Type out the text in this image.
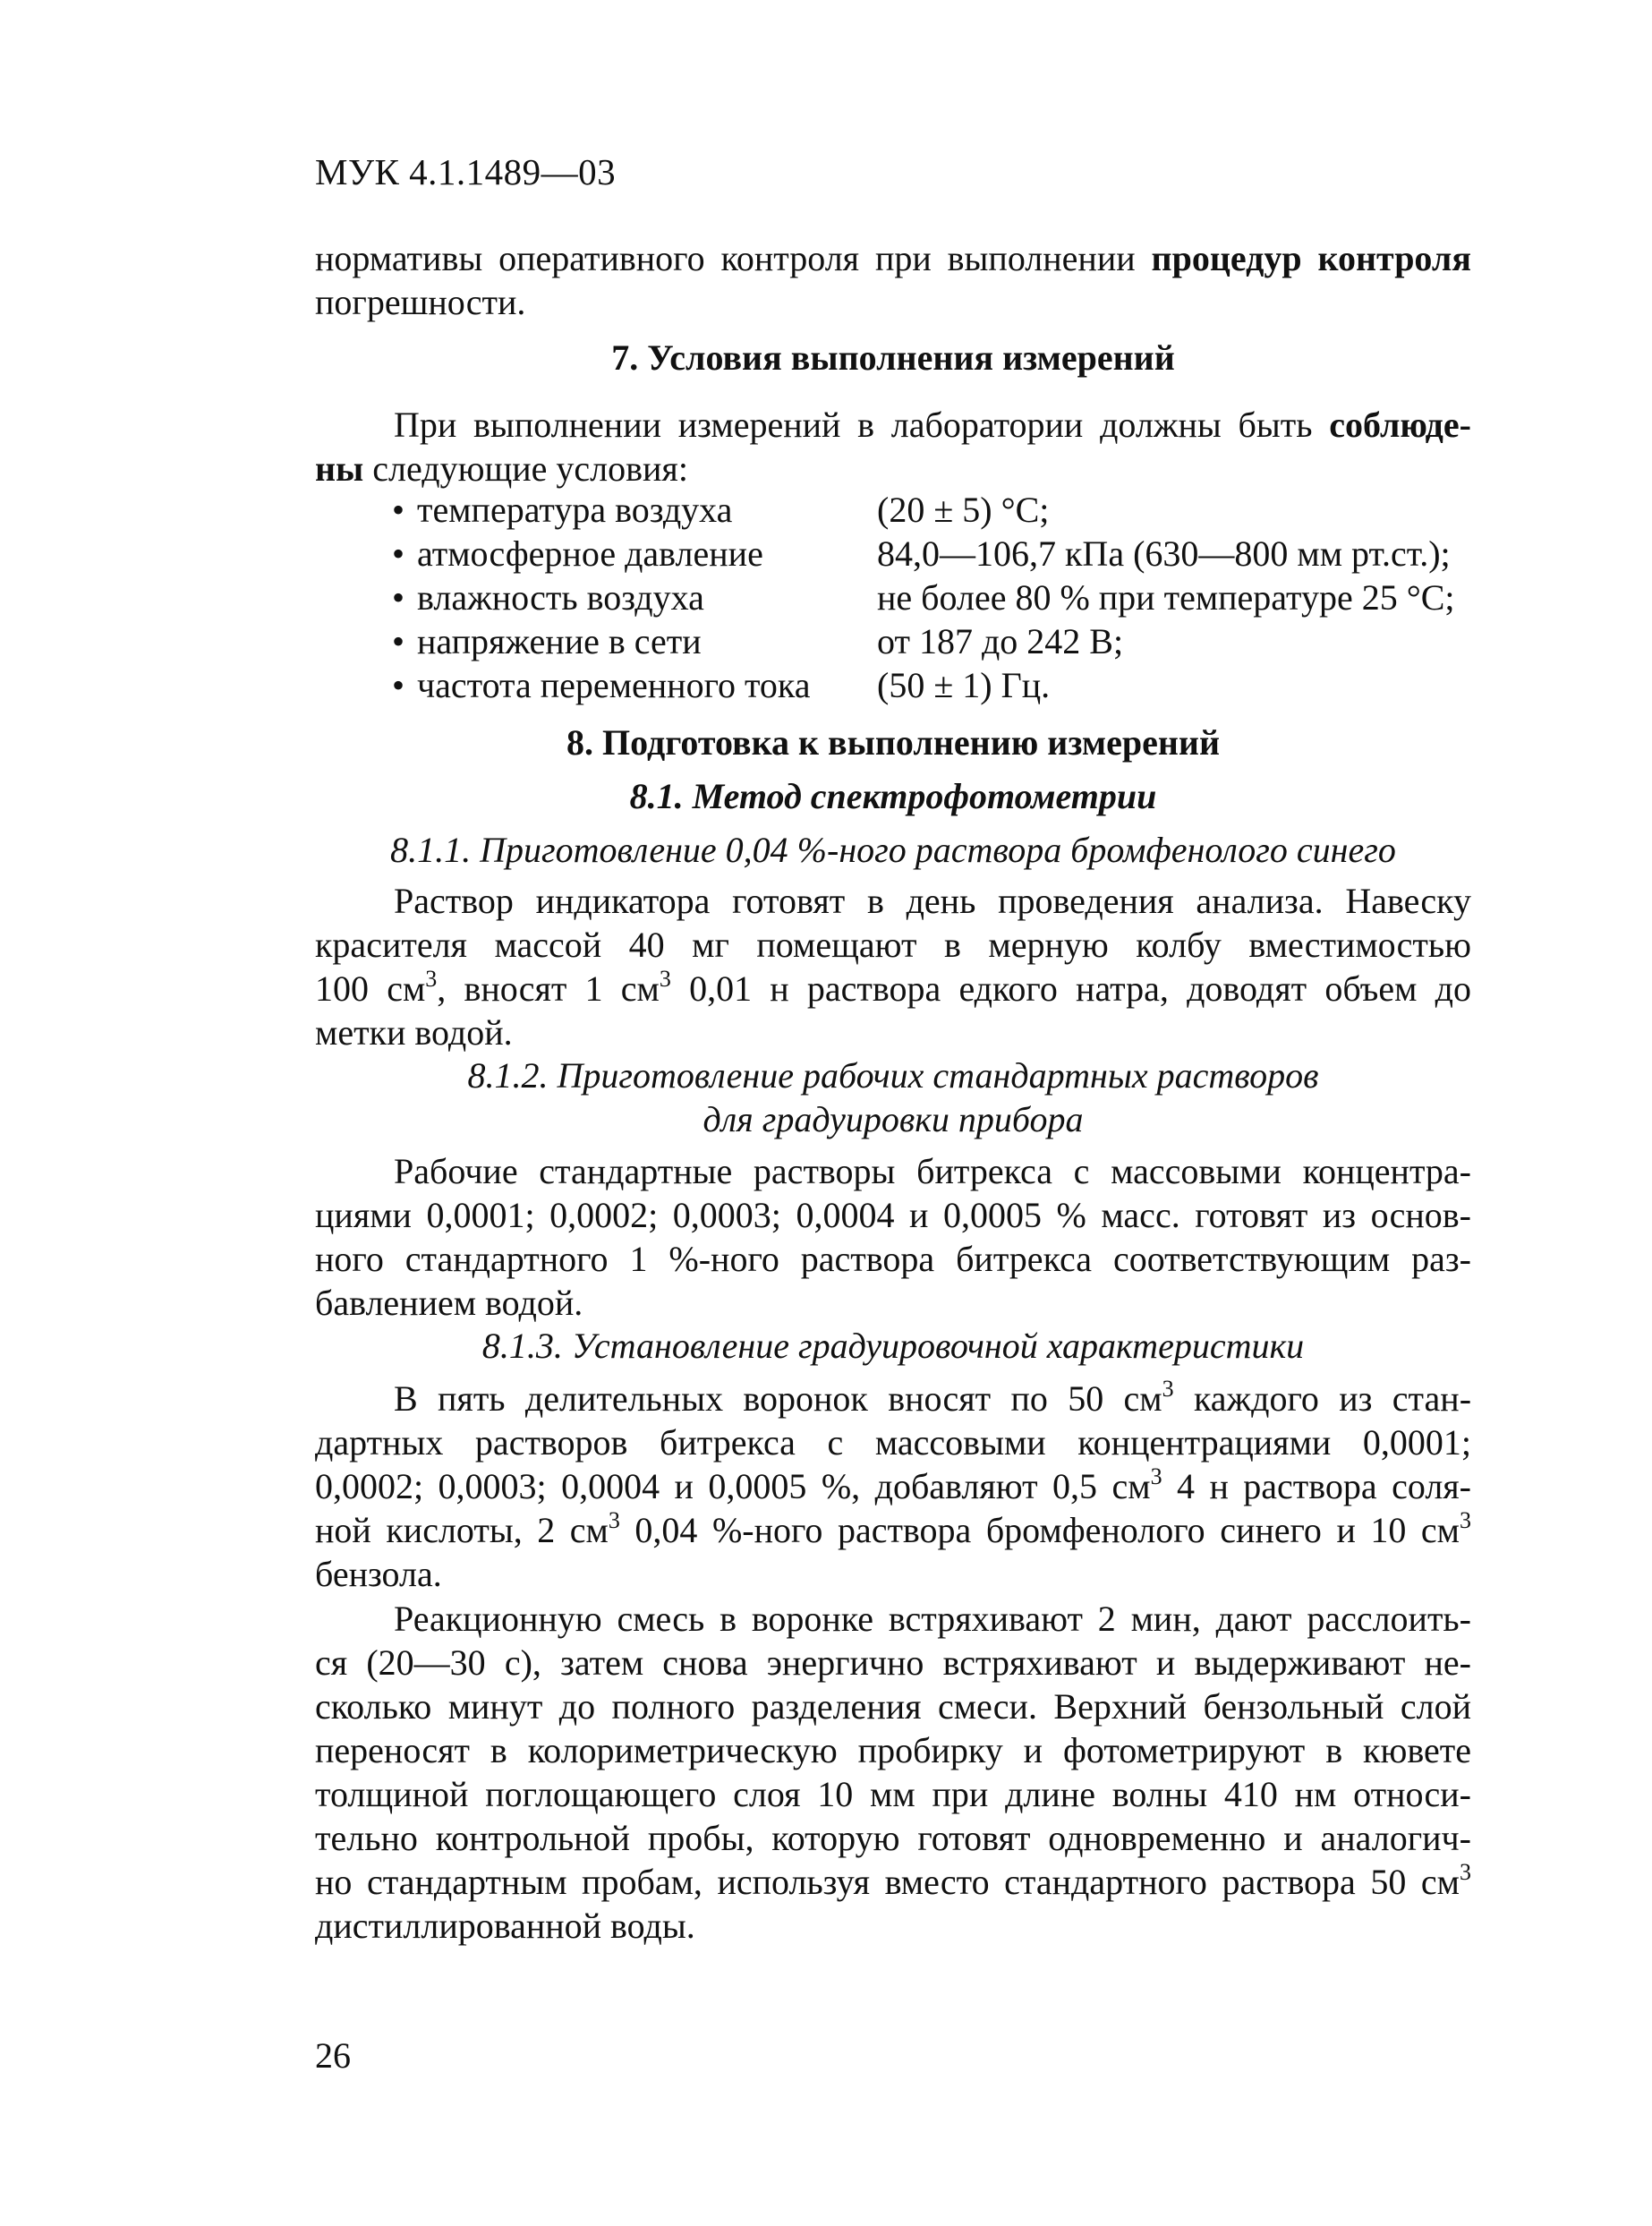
МУК 4.1.1489—03

нормативы оперативного контроля при выполнении процедур контроля
погрешности.

7. Условия выполнения измерений

При выполнении измерений в лаборатории должны быть соблюде-
ны следующие условия:
• температура воздуха	(20 ± 5) °С;
• атмосферное давление	84,0—106,7 кПа (630—800 мм рт.ст.);
• влажность воздуха	не более 80 % при температуре 25 °С;
• напряжение в сети	от 187 до 242 В;
• частота переменного тока (50 ± 1) Гц.

8. Подготовка к выполнению измерений

8.1. Метод спектрофотометрии

8.1.1. Приготовление 0,04 %-ного раствора бромфенолого синего

Раствор индикатора готовят в день проведения анализа. Навеску
красителя массой 40 мг помещают в мерную колбу вместимостью
100 $см^3$, вносят 1 $см^3$ 0,01 н раствора едкого натра, доводят объем до
метки водой.

8.1.2. Приготовление рабочих стандартных растворов

для градуировки прибора

Рабочие стандартные растворы битрекса с массовыми концентра-
циями 0,0001; 0,0002; 0,0003; 0,0004 и 0,0005 % масс. готовят из основ-
ного стандартного 1 %-ного раствора битрекса соответствующим раз-
бавлением водой.

8.1.3. Установление градуировочной характеристики

В пять делительных воронок вносят по 50 $см^3$ каждого из стан-
дартных растворов битрекса с массовыми концентрациями 0,0001;
0,0002; 0,0003; 0,0004 и 0,0005 %, добавляют 0,5 $см^3$ 4 н раствора соля-
ной кислоты, 2 $см^3$ 0,04 %-ного раствора бромфенолого синего и 10 $см^3$
бензола.
Реакционную смесь в воронке встряхивают 2 мин, дают расслоить-
ся (20—30 с), затем снова энергично встряхивают и выдерживают не-
сколько минут до полного разделения смеси. Верхний бензольный слой
переносят в колориметрическую пробирку и фотометрируют в кювете
толщиной поглощающего слоя 10 мм при длине волны 410 нм относи-
тельно контрольной пробы, которую готовят одновременно и аналогич-
но стандартным пробам, используя вместо стандартного раствора 50 $см^3$
дистиллированной воды.

26
